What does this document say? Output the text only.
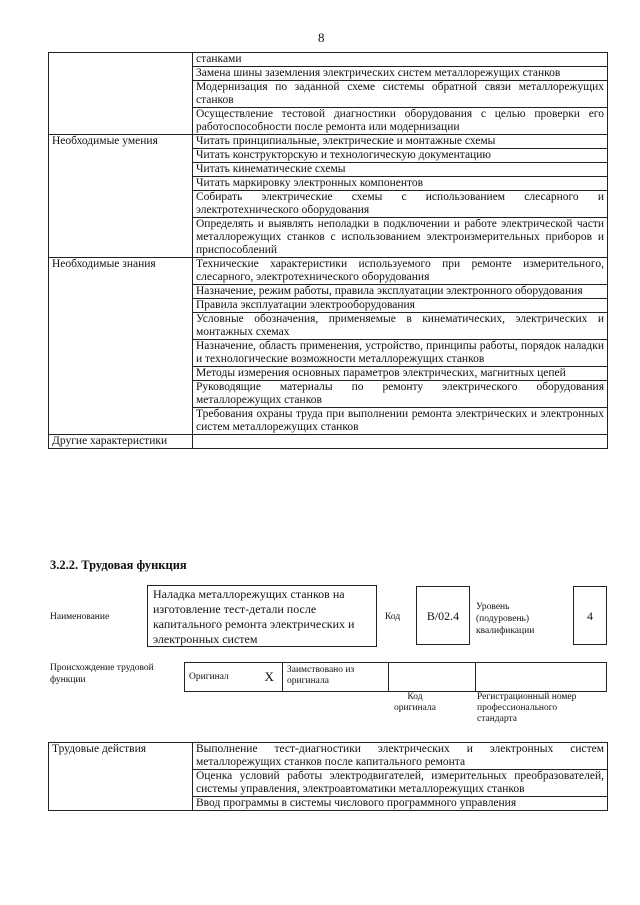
8
	станками
	Замена шины заземления электрических систем металлорежущих станков
	Модернизация по заданной схеме системы обратной связи металлорежущих станков
	Осуществление тестовой диагностики оборудования с целью проверки его работоспособности после ремонта или модернизации
Необходимые умения	Читать принципиальные, электрические и монтажные схемы
	Читать конструкторскую и технологическую документацию
	Читать кинематические схемы
	Читать маркировку электронных компонентов
	Собирать электрические схемы с использованием слесарного и электротехнического оборудования
	Определять и выявлять неполадки в подключении и работе электрической части металлорежущих станков с использованием электроизмерительных приборов и приспособлений
Необходимые знания	Технические характеристики используемого при ремонте измерительного, слесарного, электротехнического оборудования
	Назначение, режим работы, правила эксплуатации электронного оборудования
	Правила эксплуатации электрооборудования
	Условные обозначения, применяемые в кинематических, электрических и монтажных схемах
	Назначение, область применения, устройство, принципы работы, порядок наладки и технологические возможности металлорежущих станков
	Методы измерения основных параметров электрических, магнитных цепей
	Руководящие материалы по ремонту электрического оборудования металлорежущих станков
	Требования охраны труда при выполнении ремонта электрических и электронных систем металлорежущих станков
Другие характеристики	
3.2.2. Трудовая функция
Наименование
Наладка металлорежущих станков на изготовление тест-детали после капитального ремонта электрических и электронных систем
Код	B/02.4
Уровень
(подуровень)
квалификации
4
Происхождение трудовой
функции	Оригинал	X	Заимствовано из
оригинала

Код
оригинала
Регистрационный номер
профессионального
стандарта
Трудовые действия	Выполнение тест-диагностики электрических и электронных систем металлорежущих станков после капитального ремонта
	Оценка условий работы электродвигателей, измерительных преобразователей, системы управления, электроавтоматики металлорежущих станков
	Ввод программы в системы числового программного управления
